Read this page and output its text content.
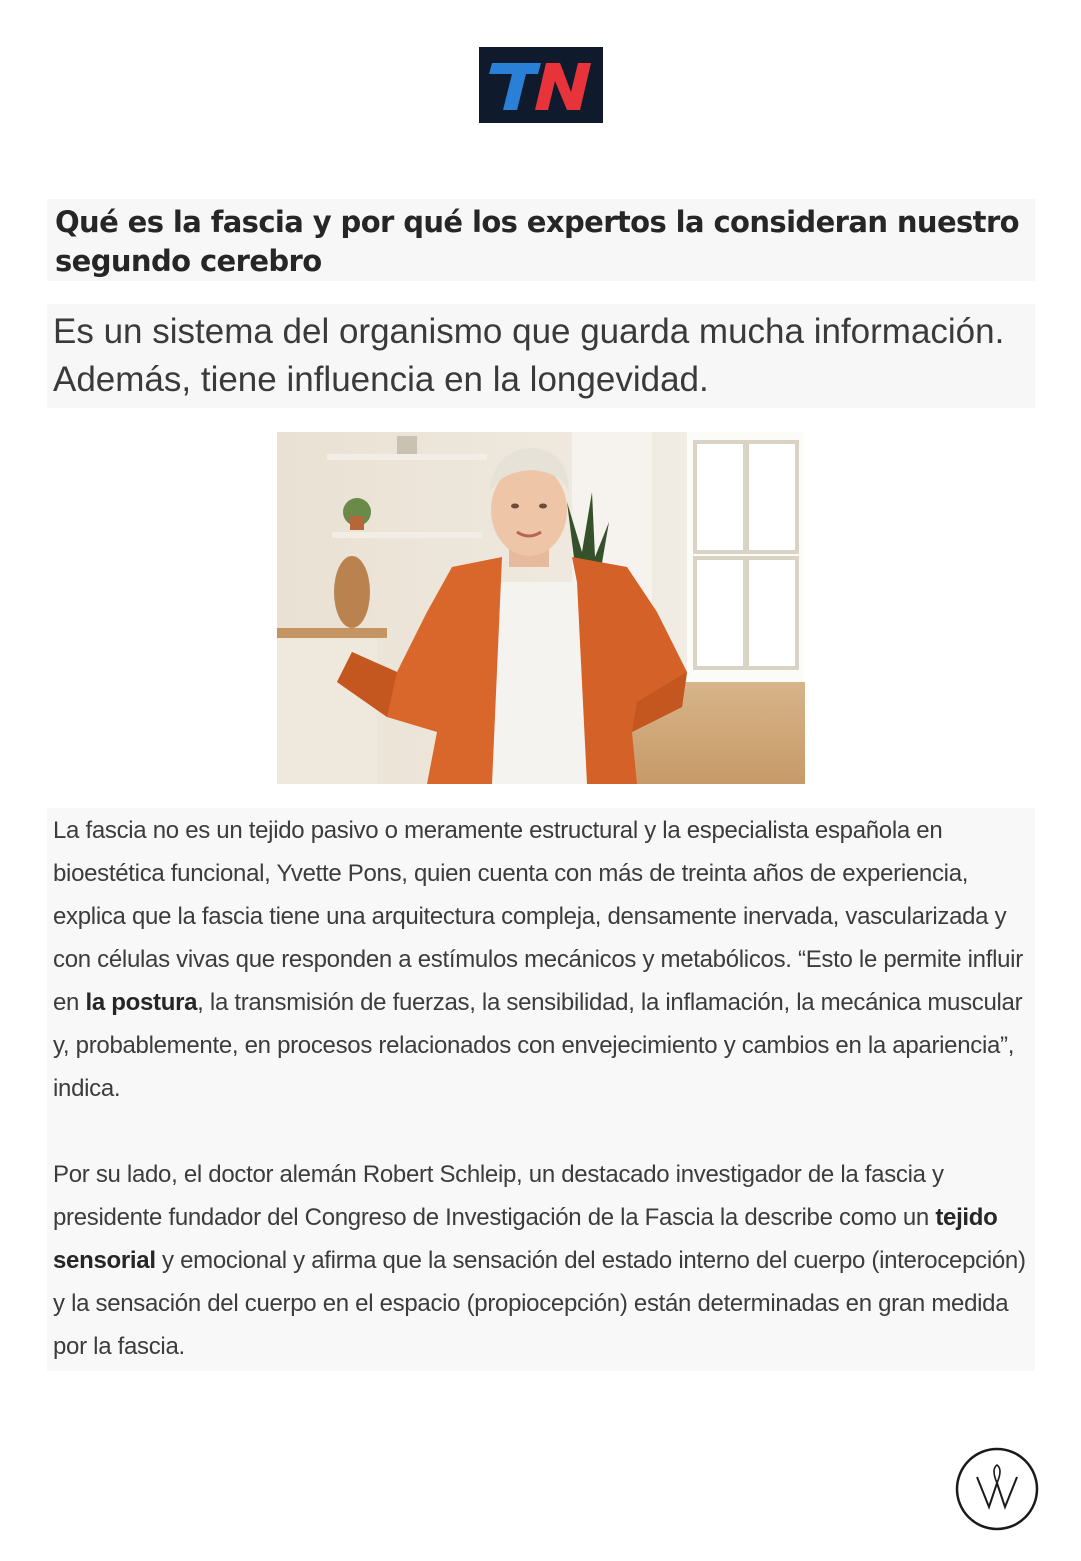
Qué es la fascia y por qué los expertos la consideran nuestro segundo cerebro

Es un sistema del organismo que guarda mucha información. Además, tiene influencia en la longevidad.

La fascia no es un tejido pasivo o meramente estructural y la especialista española en bioestética funcional, Yvette Pons, quien cuenta con más de treinta años de experiencia, explica que la fascia tiene una arquitectura compleja, densamente inervada, vascularizada y con células vivas que responden a estímulos mecánicos y metabólicos. “Esto le permite influir en la postura, la transmisión de fuerzas, la sensibilidad, la inflamación, la mecánica muscular y, probablemente, en procesos relacionados con envejecimiento y cambios en la apariencia”, indica.

Por su lado, el doctor alemán Robert Schleip, un destacado investigador de la fascia y presidente fundador del Congreso de Investigación de la Fascia la describe como un tejido sensorial y emocional y afirma que la sensación del estado interno del cuerpo (interocepción) y la sensación del cuerpo en el espacio (propiocepción) están determinadas en gran medida por la fascia.
